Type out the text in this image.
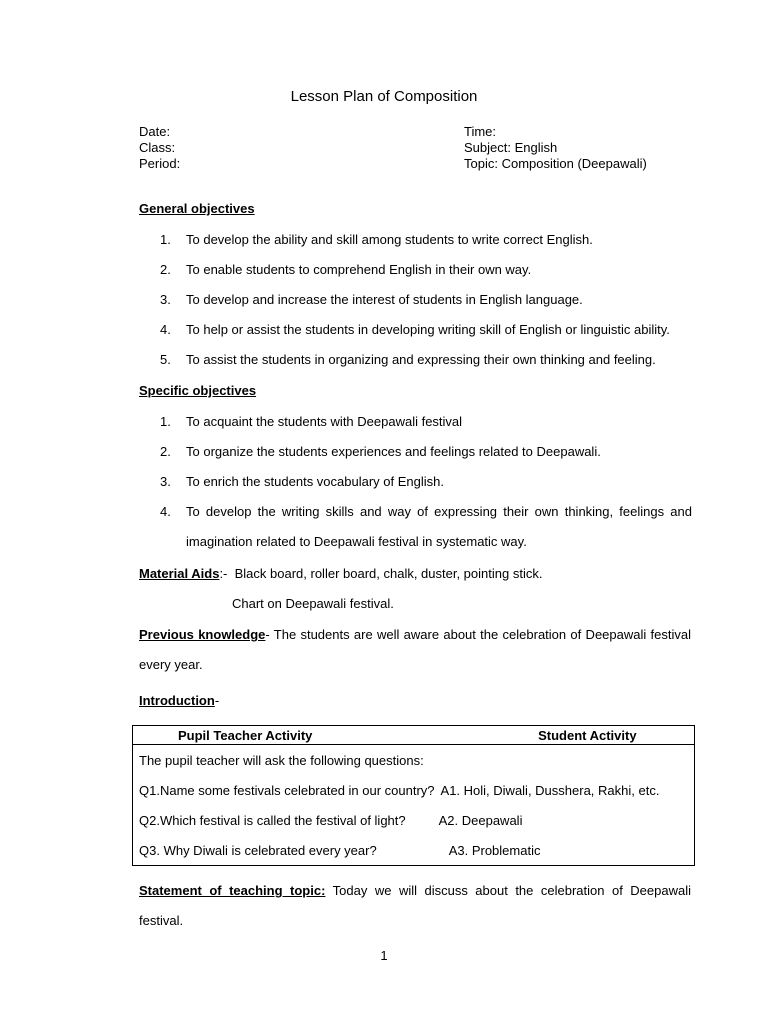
Lesson Plan of Composition
Date:	Time:
Class:	Subject: English
Period:	Topic: Composition (Deepawali)
General objectives
1.	To develop the ability and skill among students to write correct English.
2.	To enable students to comprehend English in their own way.
3.	To develop and increase the interest of students in English language.
4.	To help or assist the students in developing writing skill of English or linguistic ability.
5.	To assist the students in organizing and expressing their own thinking and feeling.
Specific objectives
1.	To acquaint the students with Deepawali festival
2.	To organize the students experiences and feelings related to Deepawali.
3.	To enrich the students vocabulary of English.
4.	To develop the writing skills and way of expressing their own thinking, feelings and imagination related to Deepawali festival in systematic way.
Material Aids:- Black board, roller board, chalk, duster, pointing stick.
Chart on Deepawali festival.
Previous knowledge- The students are well aware about the celebration of Deepawali festival every year.
Introduction-
Pupil Teacher Activity	Student Activity

The pupil teacher will ask the following questions:

Q1.Name some festivals celebrated in our country? A1. Holi, Diwali, Dusshera, Rakhi, etc.

Q2.Which festival is called the festival of light?	A2. Deepawali

Q3. Why Diwali is celebrated every year?	A3. Problematic
Statement of teaching topic: Today we will discuss about the celebration of Deepawali festival.
1
